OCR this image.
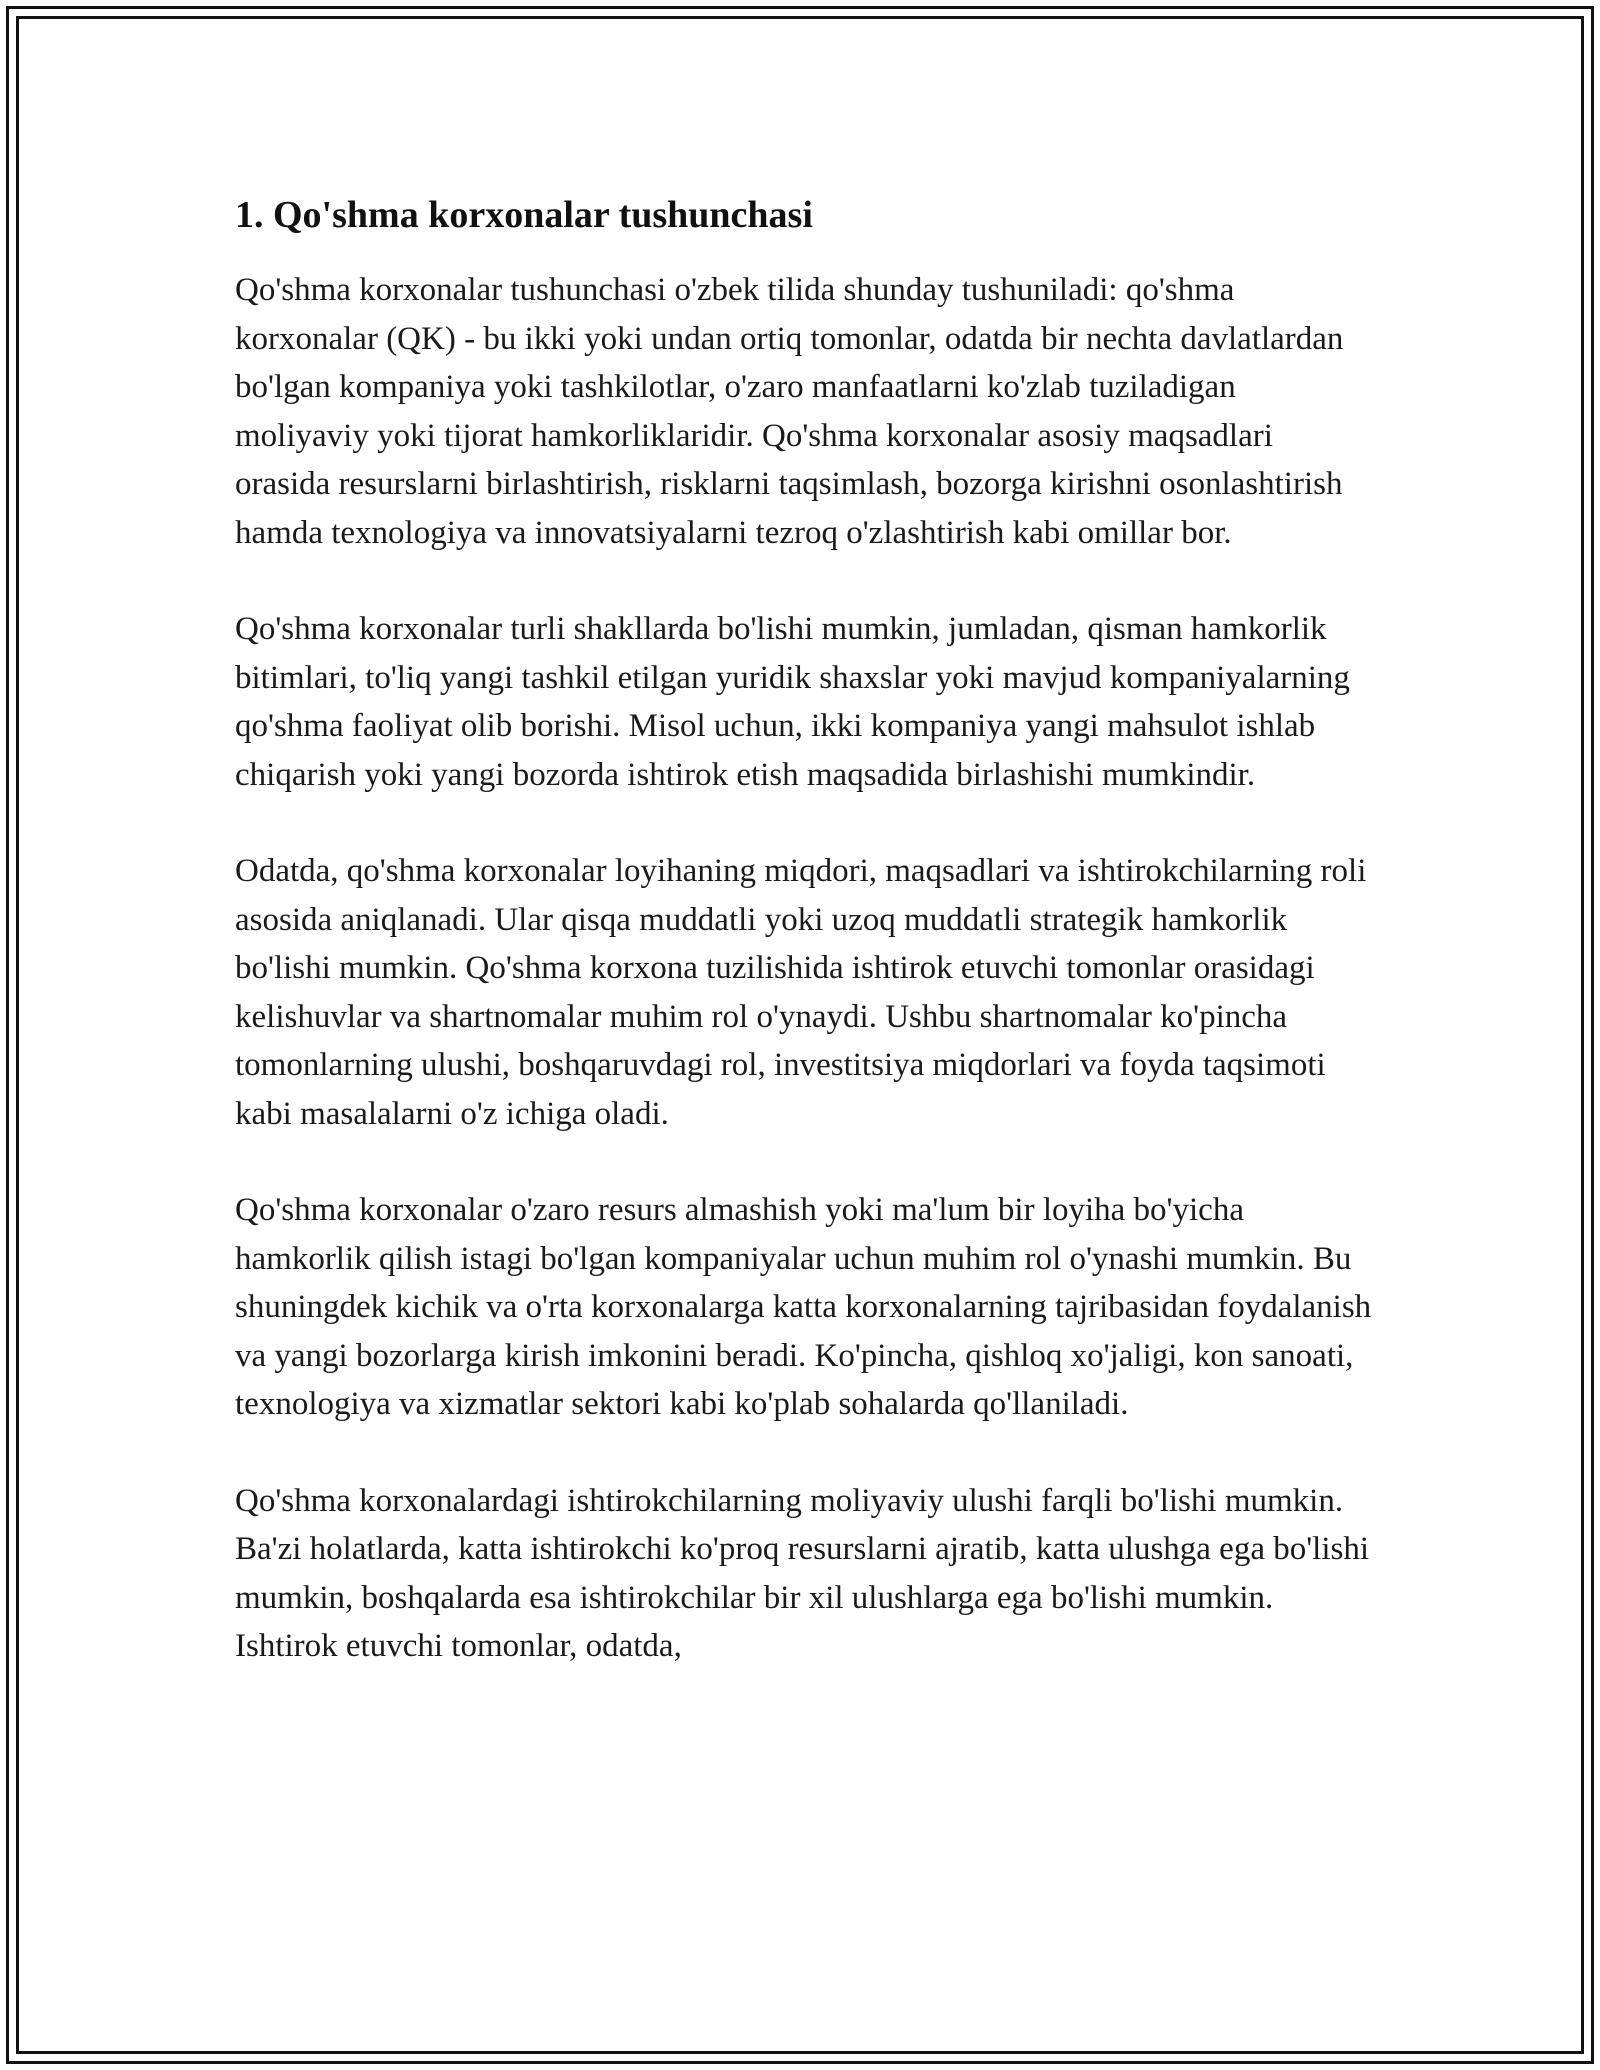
1. Qo'shma korxonalar tushunchasi

Qo'shma korxonalar tushunchasi o'zbek tilida shunday tushuniladi: qo'shma korxonalar (QK) - bu ikki yoki undan ortiq tomonlar, odatda bir nechta davlatlardan bo'lgan kompaniya yoki tashkilotlar, o'zaro manfaatlarni ko'zlab tuziladigan moliyaviy yoki tijorat hamkorliklaridir. Qo'shma korxonalar asosiy maqsadlari orasida resurslarni birlashtirish, risklarni taqsimlash, bozorga kirishni osonlashtirish hamda texnologiya va innovatsiyalarni tezroq o'zlashtirish kabi omillar bor.

Qo'shma korxonalar turli shakllarda bo'lishi mumkin, jumladan, qisman hamkorlik bitimlari, to'liq yangi tashkil etilgan yuridik shaxslar yoki mavjud kompaniyalarning qo'shma faoliyat olib borishi. Misol uchun, ikki kompaniya yangi mahsulot ishlab chiqarish yoki yangi bozorda ishtirok etish maqsadida birlashishi mumkindir.

Odatda, qo'shma korxonalar loyihaning miqdori, maqsadlari va ishtirokchilarning roli asosida aniqlanadi. Ular qisqa muddatli yoki uzoq muddatli strategik hamkorlik bo'lishi mumkin. Qo'shma korxona tuzilishida ishtirok etuvchi tomonlar orasidagi kelishuvlar va shartnomalar muhim rol o'ynaydi. Ushbu shartnomalar ko'pincha tomonlarning ulushi, boshqaruvdagi rol, investitsiya miqdorlari va foyda taqsimoti kabi masalalarni o'z ichiga oladi.

Qo'shma korxonalar o'zaro resurs almashish yoki ma'lum bir loyiha bo'yicha hamkorlik qilish istagi bo'lgan kompaniyalar uchun muhim rol o'ynashi mumkin. Bu shuningdek kichik va o'rta korxonalarga katta korxonalarning tajribasidan foydalanish va yangi bozorlarga kirish imkonini beradi. Ko'pincha, qishloq xo'jaligi, kon sanoati, texnologiya va xizmatlar sektori kabi ko'plab sohalarda qo'llaniladi.

Qo'shma korxonalardagi ishtirokchilarning moliyaviy ulushi farqli bo'lishi mumkin. Ba'zi holatlarda, katta ishtirokchi ko'proq resurslarni ajratib, katta ulushga ega bo'lishi mumkin, boshqalarda esa ishtirokchilar bir xil ulushlarga ega bo'lishi mumkin. Ishtirok etuvchi tomonlar, odatda,
